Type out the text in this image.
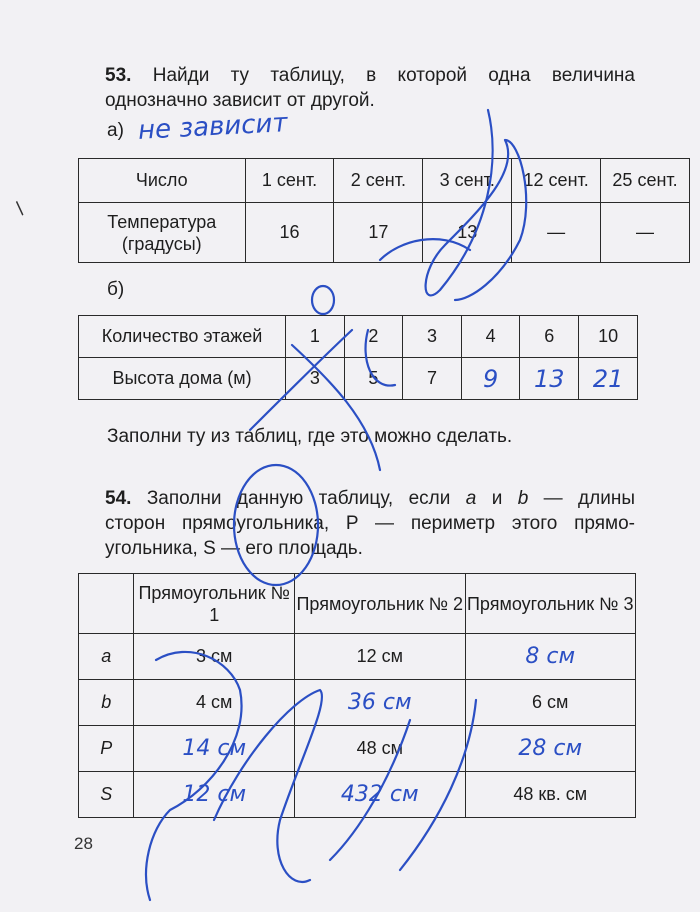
53. Найди ту таблицу, в которой одна величина
однозначно зависит от другой.
а) не зависит
Число	1 сент.	2 сент.	3 сент.	12 сент.	25 сент.
Температура (градусы)	16	17	13	—	—
б)
Количество этажей	1	2	3	4	6	10
Высота дома (м)	3	5	7	9	13	21
Заполни ту из таблиц, где это можно сделать.
54. Заполни данную таблицу, если a и b — длины
сторон прямоугольника, P — периметр этого прямо-
угольника, S — его площадь.
	Прямоугольник № 1	Прямоугольник № 2	Прямоугольник № 3
a	3 см	12 см	8 см
b	4 см	36 см	6 см
P	14 см	48 см	28 см
S	12 см	432 см	48 кв. см
28
/
